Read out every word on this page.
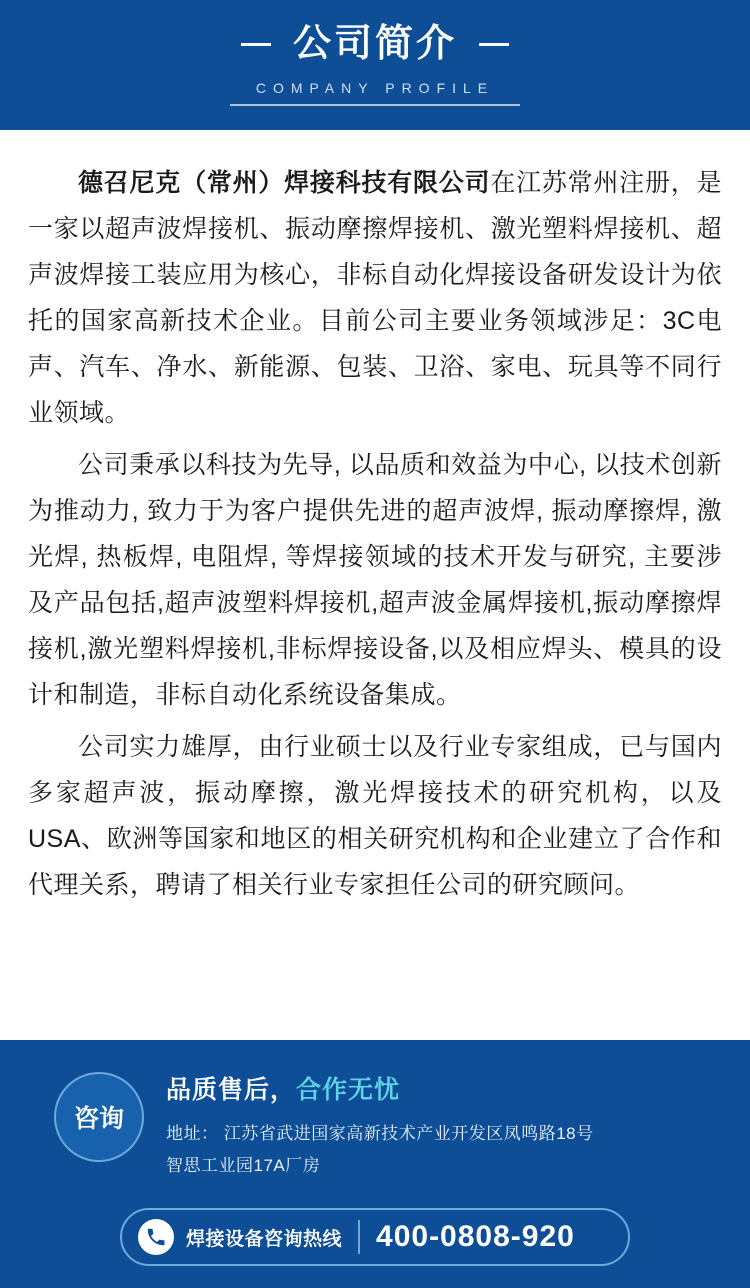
公司简介
COMPANY PROFILE

德召尼克（常州）焊接科技有限公司在江苏常州注册，是一家以超声波焊接机、振动摩擦焊接机、激光塑料焊接机、超声波焊接工装应用为核心，非标自动化焊接设备研发设计为依托的国家高新技术企业。目前公司主要业务领域涉足：3C电声、汽车、净水、新能源、包装、卫浴、家电、玩具等不同行业领域。

公司秉承以科技为先导, 以品质和效益为中心, 以技术创新为推动力, 致力于为客户提供先进的超声波焊, 振动摩擦焊, 激光焊, 热板焊, 电阻焊, 等焊接领域的技术开发与研究, 主要涉及产品包括,超声波塑料焊接机,超声波金属焊接机,振动摩擦焊接机,激光塑料焊接机,非标焊接设备,以及相应焊头、模具的设计和制造，非标自动化系统设备集成。

公司实力雄厚，由行业硕士以及行业专家组成，已与国内多家超声波，振动摩擦，激光焊接技术的研究机构，以及USA、欧洲等国家和地区的相关研究机构和企业建立了合作和代理关系，聘请了相关行业专家担任公司的研究顾问。

咨询
品质售后，合作无忧
地址： 江苏省武进国家高新技术产业开发区凤鸣路18号
智思工业园17A厂房
焊接设备咨询热线 400-0808-920
